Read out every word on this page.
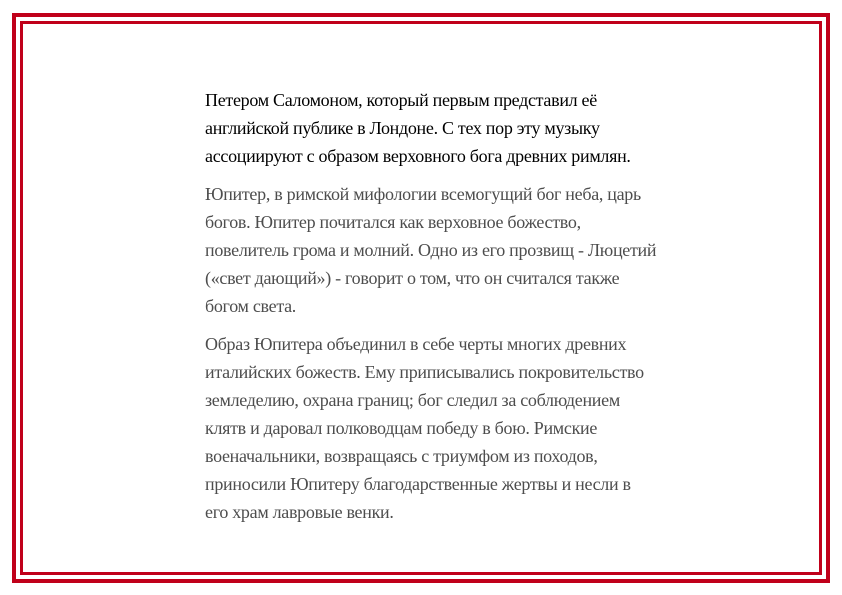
Петером Саломоном, который первым представил её
английской публике в Лондоне. С тех пор эту музыку
ассоциируют с образом верховного бога древних римлян.

Юпитер, в римской мифологии всемогущий бог неба, царь
богов. Юпитер почитался как верховное божество,
повелитель грома и молний. Одно из его прозвищ - Люцетий
(«свет дающий») - говорит о том, что он считался также
богом света.

Образ Юпитера объединил в себе черты многих древних
италийских божеств. Ему приписывались покровительство
земледелию, охрана границ; бог следил за соблюдением
клятв и даровал полководцам победу в бою. Римские
военачальники, возвращаясь с триумфом из походов,
приносили Юпитеру благодарственные жертвы и несли в
его храм лавровые венки.
